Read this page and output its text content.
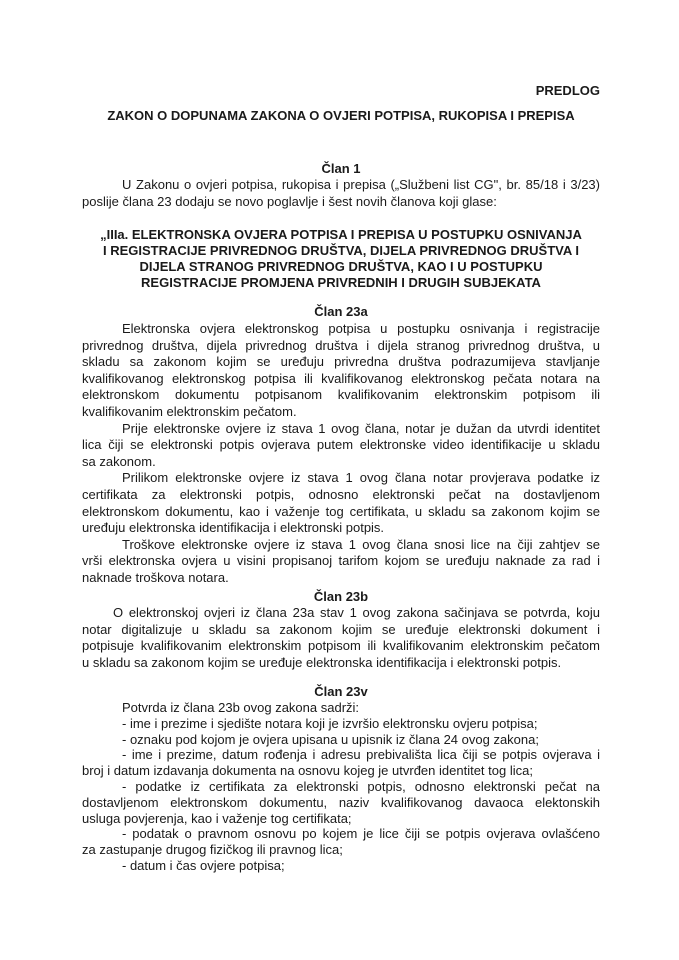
PREDLOG
ZAKON O DOPUNAMA ZAKONA O OVJERI POTPISA, RUKOPISA I PREPISA
Član 1
U Zakonu o ovjeri potpisa, rukopisa i prepisa („Službeni list CG", br. 85/18 i 3/23)
poslije člana 23 dodaju se novo poglavlje i šest novih članova koji glase:
„IIIa. ELEKTRONSKA OVJERA POTPISA I PREPISA U POSTUPKU OSNIVANJA
I REGISTRACIJE PRIVREDNOG DRUŠTVA, DIJELA PRIVREDNOG DRUŠTVA I
DIJELA STRANOG PRIVREDNOG DRUŠTVA, KAO I U POSTUPKU
REGISTRACIJE PROMJENA PRIVREDNIH I DRUGIH SUBJEKATA
Član 23a
Elektronska ovjera elektronskog potpisa u postupku osnivanja i registracije
privrednog društva, dijela privrednog društva i dijela stranog privrednog društva, u
skladu sa zakonom kojim se uređuju privredna društva podrazumijeva stavljanje
kvalifikovanog elektronskog potpisa ili kvalifikovanog elektronskog pečata notara na
elektronskom dokumentu potpisanom kvalifikovanim elektronskim potpisom ili
kvalifikovanim elektronskim pečatom.
Prije elektronske ovjere iz stava 1 ovog člana, notar je dužan da utvrdi identitet
lica čiji se elektronski potpis ovjerava putem elektronske video identifikacije u skladu
sa zakonom.
Prilikom elektronske ovjere iz stava 1 ovog člana notar provjerava podatke iz
certifikata za elektronski potpis, odnosno elektronski pečat na dostavljenom
elektronskom dokumentu, kao i važenje tog certifikata, u skladu sa zakonom kojim se
uređuju elektronska identifikacija i elektronski potpis.
Troškove elektronske ovjere iz stava 1 ovog člana snosi lice na čiji zahtjev se
vrši elektronska ovjera u visini propisanoj tarifom kojom se uređuju naknade za rad i
naknade troškova notara.
Član 23b
O elektronskoj ovjeri iz člana 23a stav 1 ovog zakona sačinjava se potvrda, koju
notar digitalizuje u skladu sa zakonom kojim se uređuje elektronski dokument i
potpisuje kvalifikovanim elektronskim potpisom ili kvalifikovanim elektronskim pečatom
u skladu sa zakonom kojim se uređuje elektronska identifikacija i elektronski potpis.
Član 23v
Potvrda iz člana 23b ovog zakona sadrži:
- ime i prezime i sjedište notara koji je izvršio elektronsku ovjeru potpisa;
- oznaku pod kojom je ovjera upisana u upisnik iz člana 24 ovog zakona;
- ime i prezime, datum rođenja i adresu prebivališta lica čiji se potpis ovjerava i
broj i datum izdavanja dokumenta na osnovu kojeg je utvrđen identitet tog lica;
- podatke iz certifikata za elektronski potpis, odnosno elektronski pečat na
dostavljenom elektronskom dokumentu, naziv kvalifikovanog davaoca elektonskih
usluga povjerenja, kao i važenje tog certifikata;
- podatak o pravnom osnovu po kojem je lice čiji se potpis ovjerava ovlašćeno
za zastupanje drugog fizičkog ili pravnog lica;
- datum i čas ovjere potpisa;
